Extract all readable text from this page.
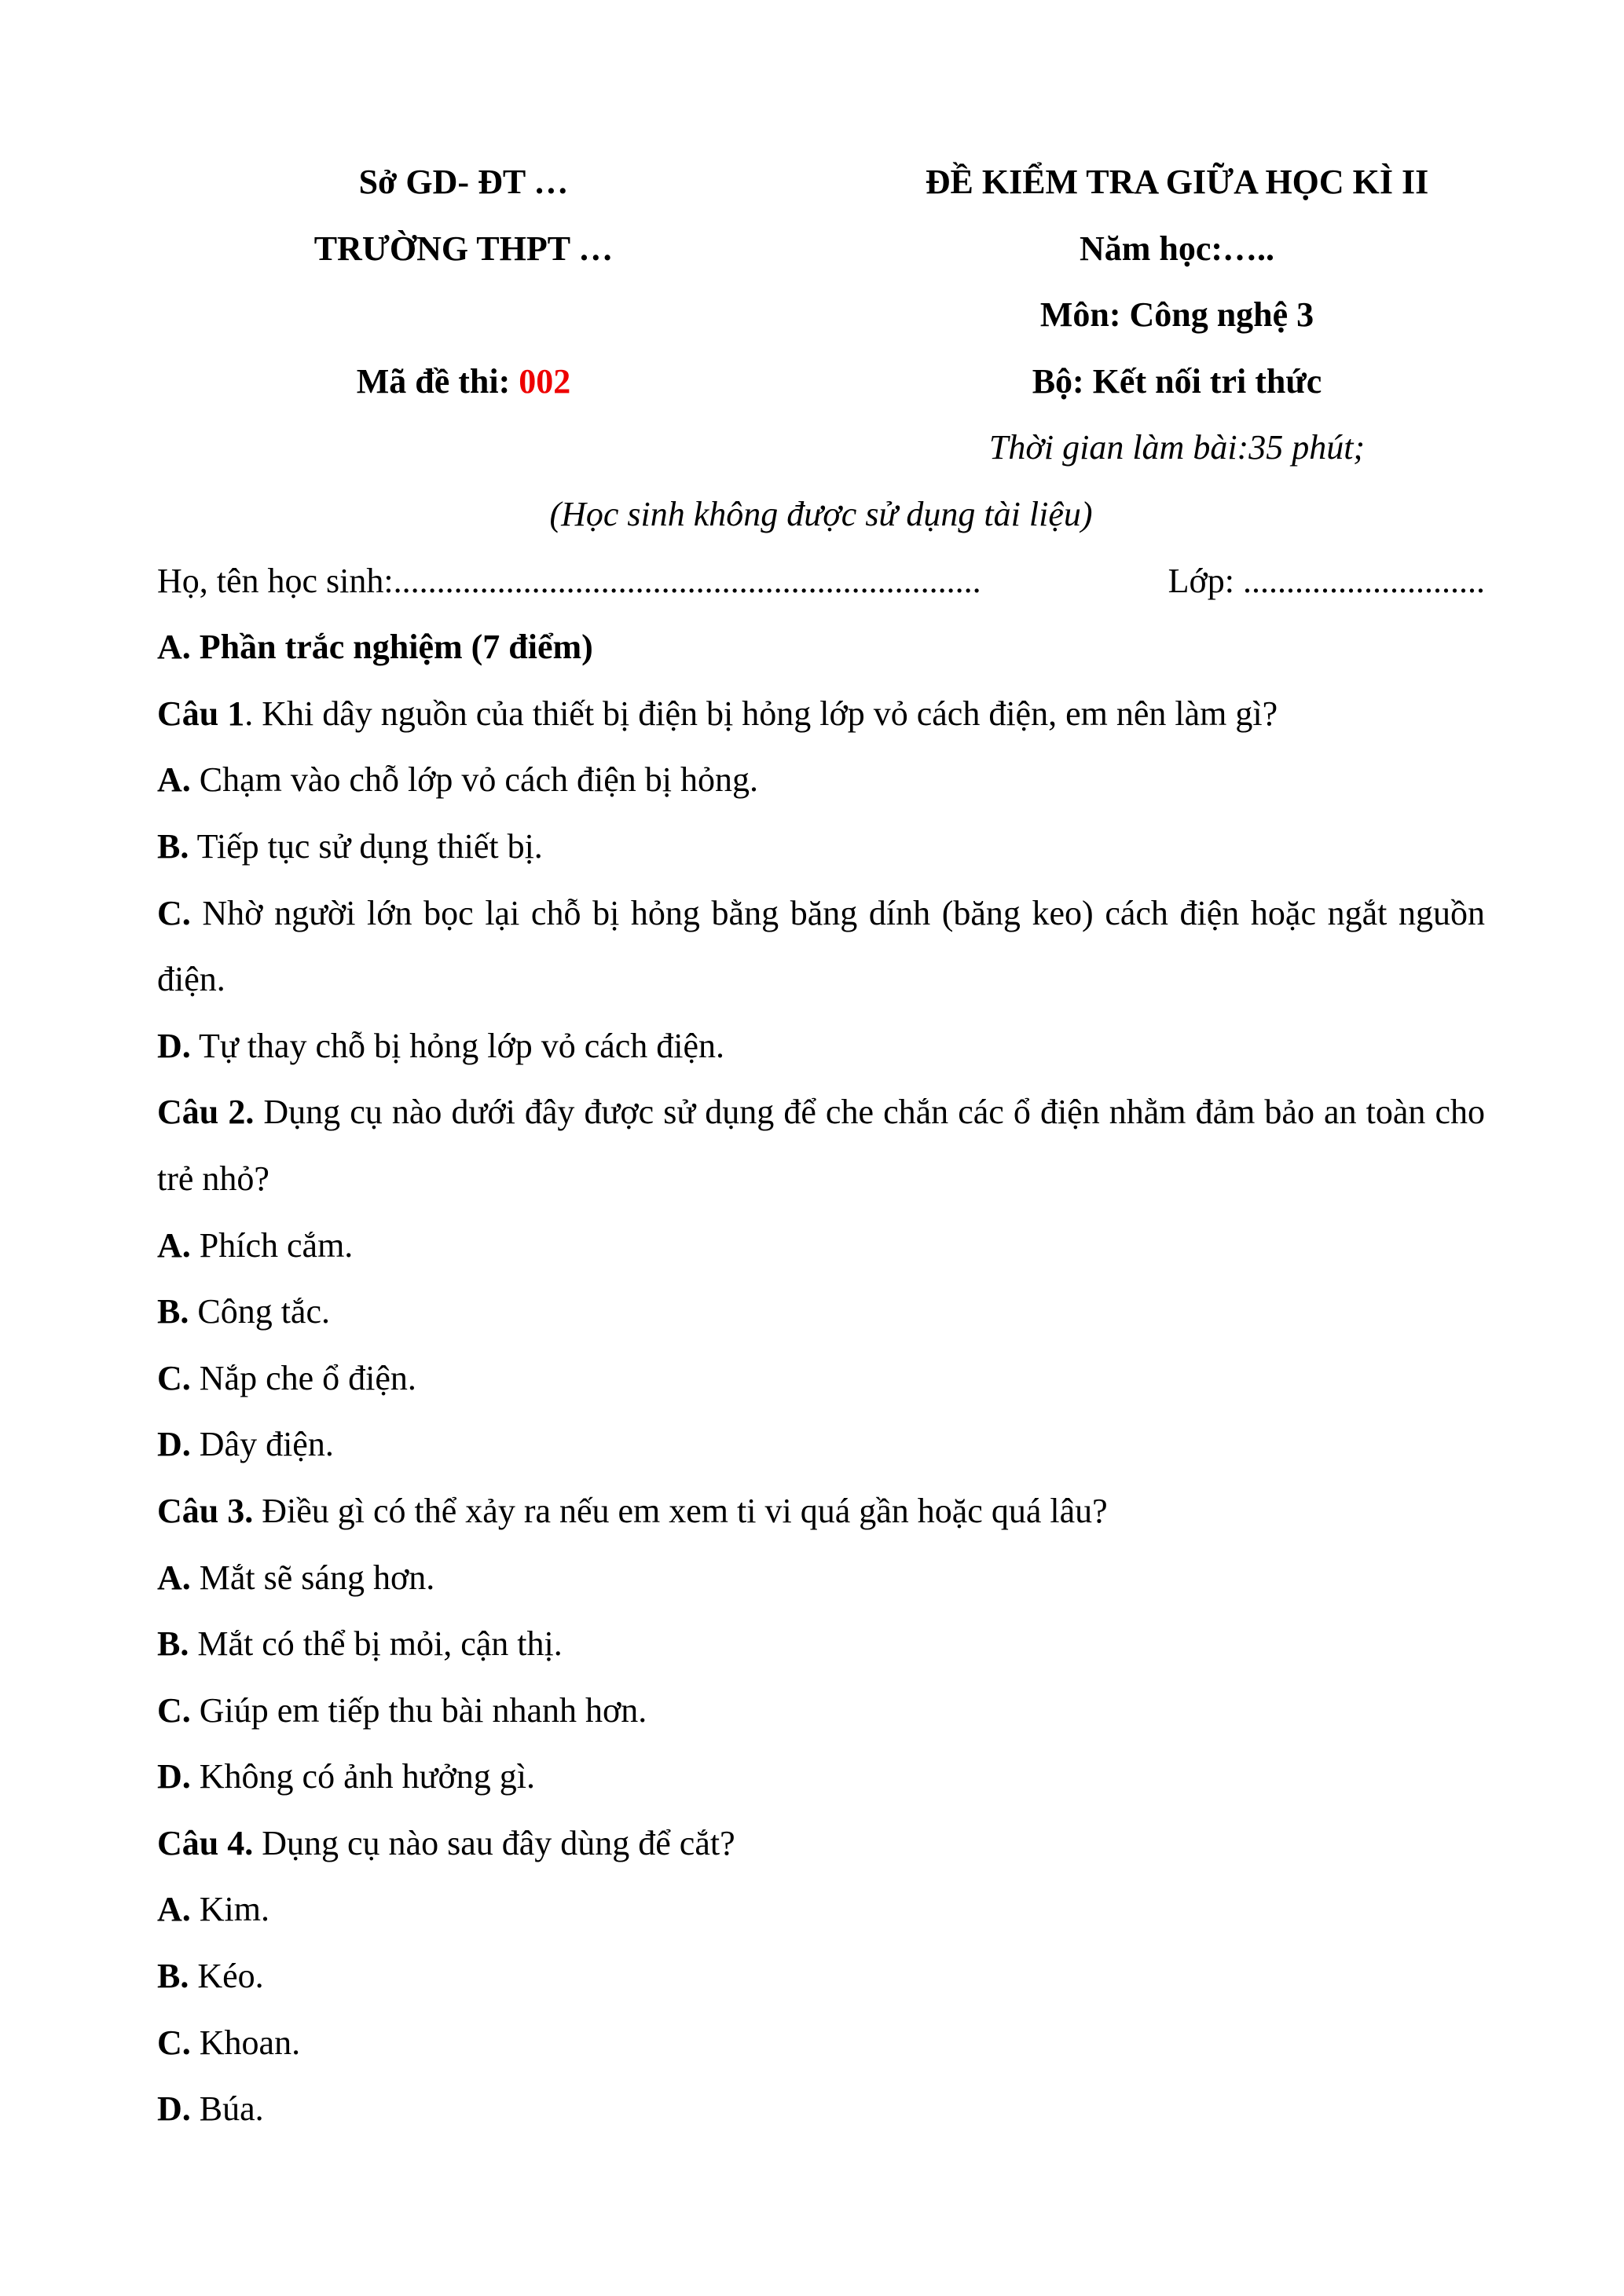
Sở GD- ĐT …
TRƯỜNG THPT …

Mã đề thi: 002
ĐỀ KIỂM TRA GIỮA HỌC KÌ II
Năm học:…..
Môn: Công nghệ 3
Bộ: Kết nối tri thức
Thời gian làm bài:35 phút;
(Học sinh không được sử dụng tài liệu)
Họ, tên học sinh:....................................................................	Lớp: ............................
A. Phần trắc nghiệm (7 điểm)
Câu 1. Khi dây nguồn của thiết bị điện bị hỏng lớp vỏ cách điện, em nên làm gì?
A. Chạm vào chỗ lớp vỏ cách điện bị hỏng.
B. Tiếp tục sử dụng thiết bị.
C. Nhờ người lớn bọc lại chỗ bị hỏng bằng băng dính (băng keo) cách điện hoặc ngắt nguồn điện.
D. Tự thay chỗ bị hỏng lớp vỏ cách điện.
Câu 2. Dụng cụ nào dưới đây được sử dụng để che chắn các ổ điện nhằm đảm bảo an toàn cho trẻ nhỏ?
A. Phích cắm.
B. Công tắc.
C. Nắp che ổ điện.
D. Dây điện.
Câu 3. Điều gì có thể xảy ra nếu em xem ti vi quá gần hoặc quá lâu?
A. Mắt sẽ sáng hơn.
B. Mắt có thể bị mỏi, cận thị.
C. Giúp em tiếp thu bài nhanh hơn.
D. Không có ảnh hưởng gì.
Câu 4. Dụng cụ nào sau đây dùng để cắt?
A. Kim.
B. Kéo.
C. Khoan.
D. Búa.
